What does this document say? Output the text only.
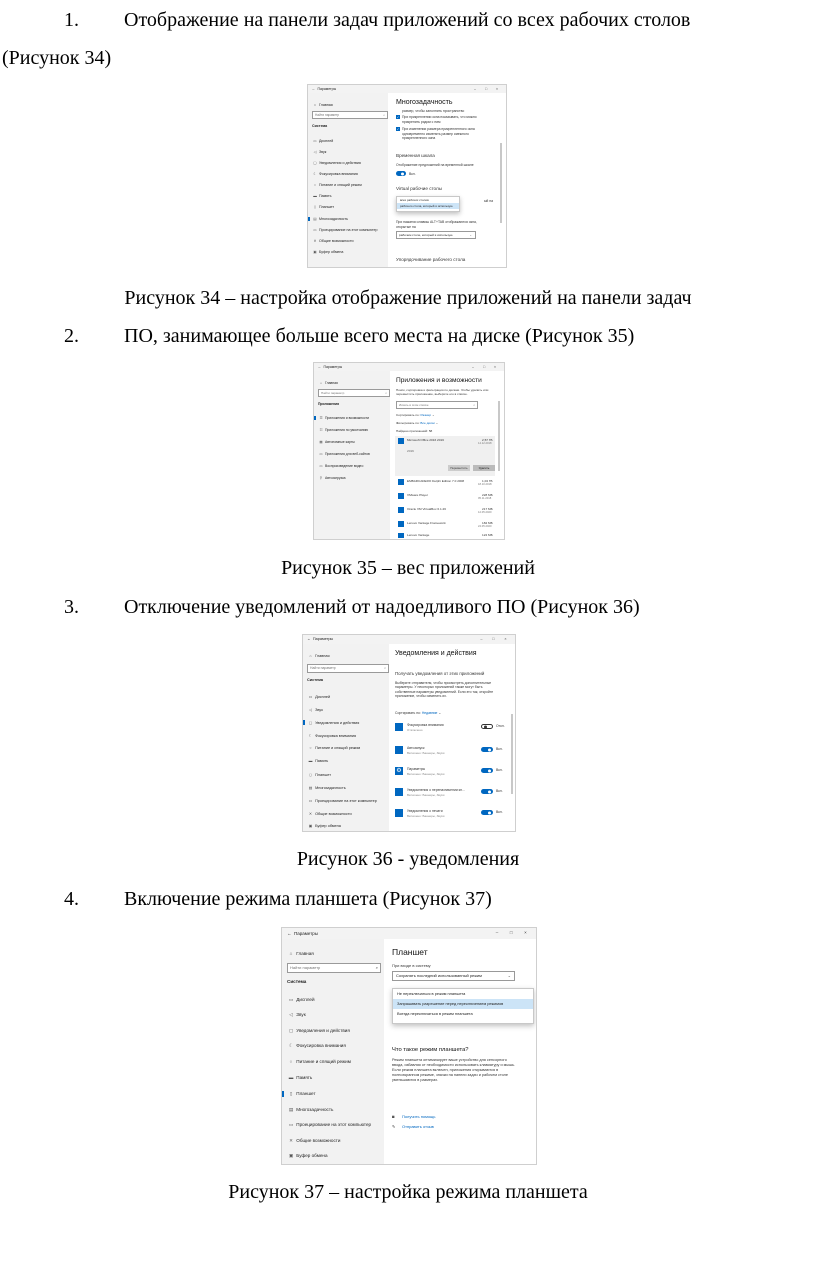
1. Отображение на панели задач приложений со всех рабочих столов
(Рисунок 34)
←  Параметры	–	□	×
⌂ Главная
Найти параметр	⌕
Система
▭ Дисплей
◁ Звук
▢ Уведомления и действия
☾ Фокусировка внимания
○ Питание и спящий режим
▬ Память
▯ Планшет
▤ Многозадачность
▭ Проецирование на этот компьютер
✕ Общие возможности
▣ Буфер обмена
Многозадачность
размер, чтобы заполнить пространство
✓ При прикреплении окна показывать, что можно прикрепить рядом с ним
✓ При изменении размера прикрепленного окна одновременно изменять размер смежного прикрепленного окна
Временная шкала
Отображение предложений на временной шкале
Вкл.
Virtual рабочие столы
всех рабочих столов
рабочего стола, который я использую
ый на
При нажатии клавиш ALT+TAB отображаются окна, открытые на
рабочем столе, который я использую	⌄
Упорядочивание рабочего стола
Рисунок 34 – настройка отображение приложений на панели задач
2. ПО, занимающее больше всего места на диске (Рисунок 35)
←  Параметры	–	□	×
⌂ Главная
Найти параметр	⌕
Приложения
☰ Приложения и возможности
☷ Приложения по умолчанию
▦ Автономные карты
▭ Приложения для веб-сайтов
▭ Воспроизведение видео
⚲ Автозагрузка
Приложения и возможности
Поиск, сортировка и фильтрация по дискам. Чтобы удалить или переместить приложение, выберите его в списке.
Искать в этом списке	⌕
Сортировать по: Размер ⌄
Фильтровать по: Все диски ⌄
Найдено приложений: 58
Microsoft Office 2016 2016	2,57 ГБ
14.12.2018
2016
Переместить	Удалить
EMBARCADERO Delphi Edition 7.0 2008	1,04 ГБ
18.10.2018
VMware Player	228 МБ
05.11.2018
Oracle VM VirtualBox 6.1.26	217 МБ
12.05.2020
Lenovo Vantage Framework	182 МБ
24.05.2020
Lenovo Vantage	122 МБ
Рисунок 35 – вес приложений
3. Отключение уведомлений от надоедливого ПО (Рисунок 36)
←  Параметры	–	□	×
⌂ Главная
Найти параметр	⌕
Система
▭ Дисплей
◁ Звук
▢ Уведомления и действия
☾ Фокусировка внимания
○ Питание и спящий режим
▬ Память
▯ Планшет
▤ Многозадачность
▭ Проецирование на этот компьютер
✕ Общие возможности
▣ Буфер обмена
Уведомления и действия
Получать уведомления от этих приложений
Выберите отправителя, чтобы просмотреть дополнительные параметры. У некоторых приложений также могут быть собственные параметры уведомлений. Если это так, откройте приложение, чтобы изменить их.
Сортировать по: Недавние ⌄
Фокусировка внимания
Отключено
Откл.
Автозапуск
Включено: Баннеры, Звуки
Вкл.
⚙	Параметры
Включено: Баннеры, Звуки
Вкл.
Уведомления о переназначении кн...
Включено: Баннеры, Звуки
Вкл.
Уведомления о печати
Включено: Баннеры, Звуки
Вкл.
Рисунок 36 - уведомления
4. Включение режима планшета (Рисунок 37)
←  Параметры	–	□	×
⌂ Главная
Найти параметр	⌕
Система
▭ Дисплей
◁ Звук
▢ Уведомления и действия
☾ Фокусировка внимания
○ Питание и спящий режим
▬ Память
▯ Планшет
▤ Многозадачность
▭ Проецирование на этот компьютер
✕ Общие возможности
▣ Буфер обмена
Планшет
При входе в систему
Сохранять последний использованный режим	⌄
Не переключаться в режим планшета
Запрашивать разрешение перед переключением режимов
Всегда переключаться в режим планшета
Что такое режим планшета?
Режим планшета оптимизирует ваше устройство для сенсорного ввода, избавляя от необходимости использовать клавиатуру и мышь. Если режим планшета включен, приложения открываются в полноэкранном режиме, значки на панели задач и рабочем столе уменьшаются в размерах.
◙ Получить помощь
✎ Отправить отзыв
Рисунок 37 – настройка режима планшета
